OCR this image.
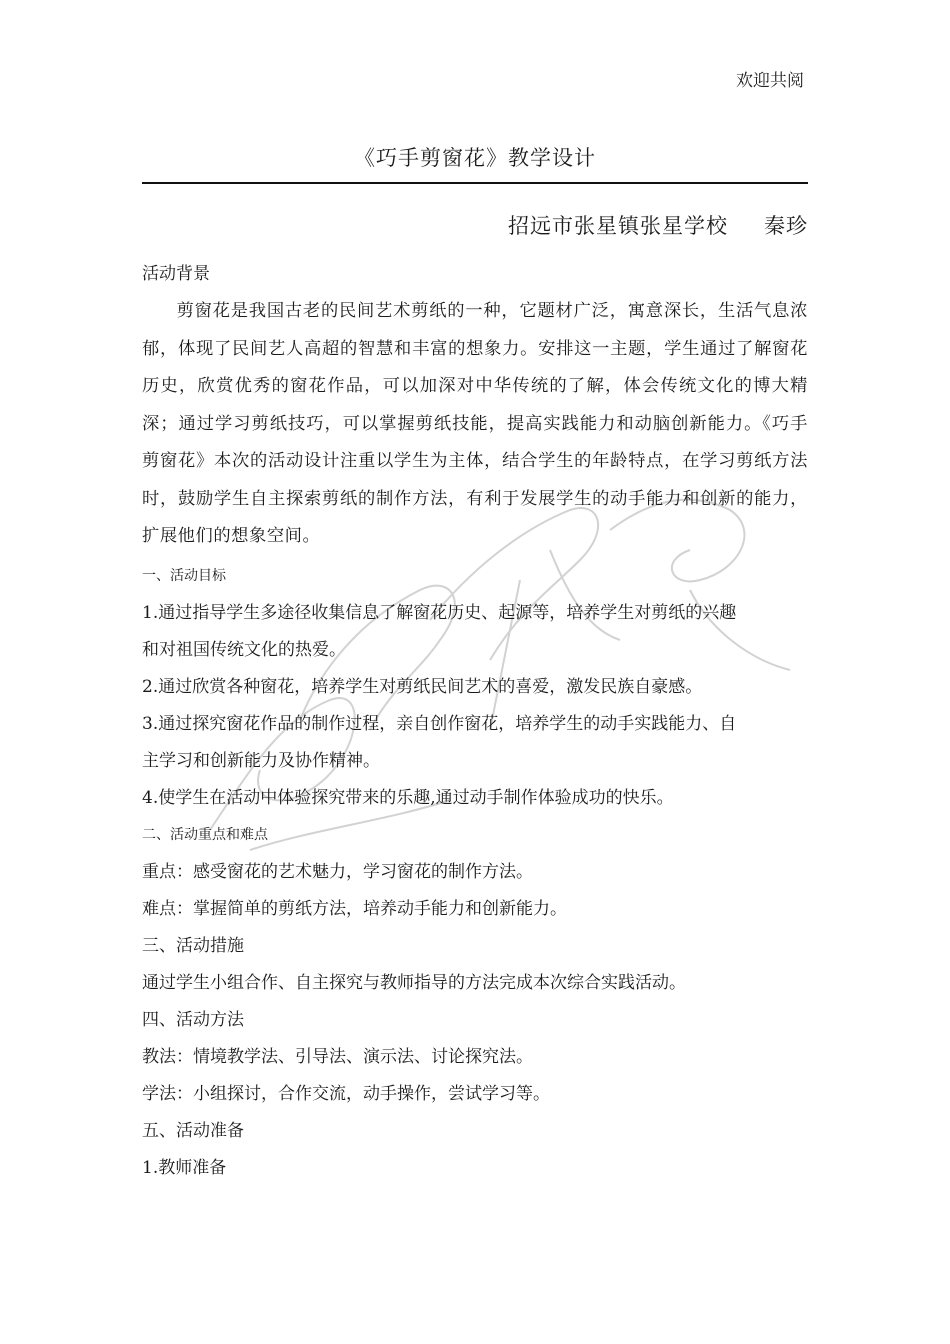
欢迎共阅
《巧手剪窗花》教学设计
招远市张星镇张星学校 秦珍
活动背景

剪窗花是我国古老的民间艺术剪纸的一种，它题材广泛，寓意深长，生活气息浓郁，体现了民间艺人高超的智慧和丰富的想象力。安排这一主题，学生通过了解窗花历史，欣赏优秀的窗花作品，可以加深对中华传统的了解，体会传统文化的博大精深；通过学习剪纸技巧，可以掌握剪纸技能，提高实践能力和动脑创新能力。《巧手剪窗花》本次的活动设计注重以学生为主体，结合学生的年龄特点，在学习剪纸方法时，鼓励学生自主探索剪纸的制作方法，有利于发展学生的动手能力和创新的能力，扩展他们的想象空间。

一、活动目标
1.通过指导学生多途径收集信息了解窗花历史、起源等，培养学生对剪纸的兴趣
和对祖国传统文化的热爱。
2.通过欣赏各种窗花，培养学生对剪纸民间艺术的喜爱，激发民族自豪感。
3.通过探究窗花作品的制作过程，亲自创作窗花，培养学生的动手实践能力、自
主学习和创新能力及协作精神。
4.使学生在活动中体验探究带来的乐趣,通过动手制作体验成功的快乐。
二、活动重点和难点
重点：感受窗花的艺术魅力，学习窗花的制作方法。
难点：掌握简单的剪纸方法，培养动手能力和创新能力。
三、活动措施
通过学生小组合作、自主探究与教师指导的方法完成本次综合实践活动。
四、活动方法
教法：情境教学法、引导法、演示法、讨论探究法。
学法：小组探讨，合作交流，动手操作，尝试学习等。
五、活动准备
1.教师准备
